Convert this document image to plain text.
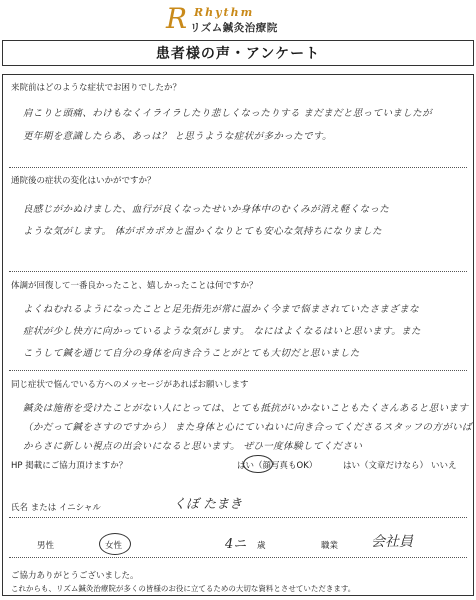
R Rhythm
リズム鍼灸治療院
患者様の声・アンケート
来院前はどのような症状でお困りでしたか？
肩こりと頭痛、わけもなくイライラしたり悲しくなったりする まだまだと思っていましたが
更年期を意識したらあ、あっは？ と思うような症状が多かったです。
通院後の症状の変化はいかがですか？
良感じがかぬけました、血行が良くなったせいか身体中のむくみが消え軽くなった
ような気がします。 体がポカポカと温かくなりとても安心な気持ちになりました
体調が回復して一番良かったこと、嬉しかったことは何ですか？
よくねむれるようになったことと足先指先が常に温かく今まで悩まされていたさまざまな
症状が少し快方に向かっているような気がします。 なにはよくなるはいと思います。また
こうして鍼を通じて自分の身体を向き合うことがとても大切だと思いました
同じ症状で悩んでいる方へのメッセージがあればお願いします
鍼灸は施術を受けたことがない人にとっては、とても抵抗がいかないこともたくさんあると思います
（かだって鍼をさすのですから） また身体と心にていねいに向き合ってくださるスタッフの方がいば
からさに新しい視点の出会いになると思います。 ぜひ一度体験してください
HP 掲載にご協力頂けますか？	はい（顔写真もOK）	はい（文章だけなら） いいえ
氏名 または イニシャル	くぼ たまき
男性	女性	4ニ 歳	職業 会社員
ご協力ありがとうございました。
これからも、リズム鍼灸治療院が多くの皆様のお役に立てるための大切な資料とさせていただきます。
